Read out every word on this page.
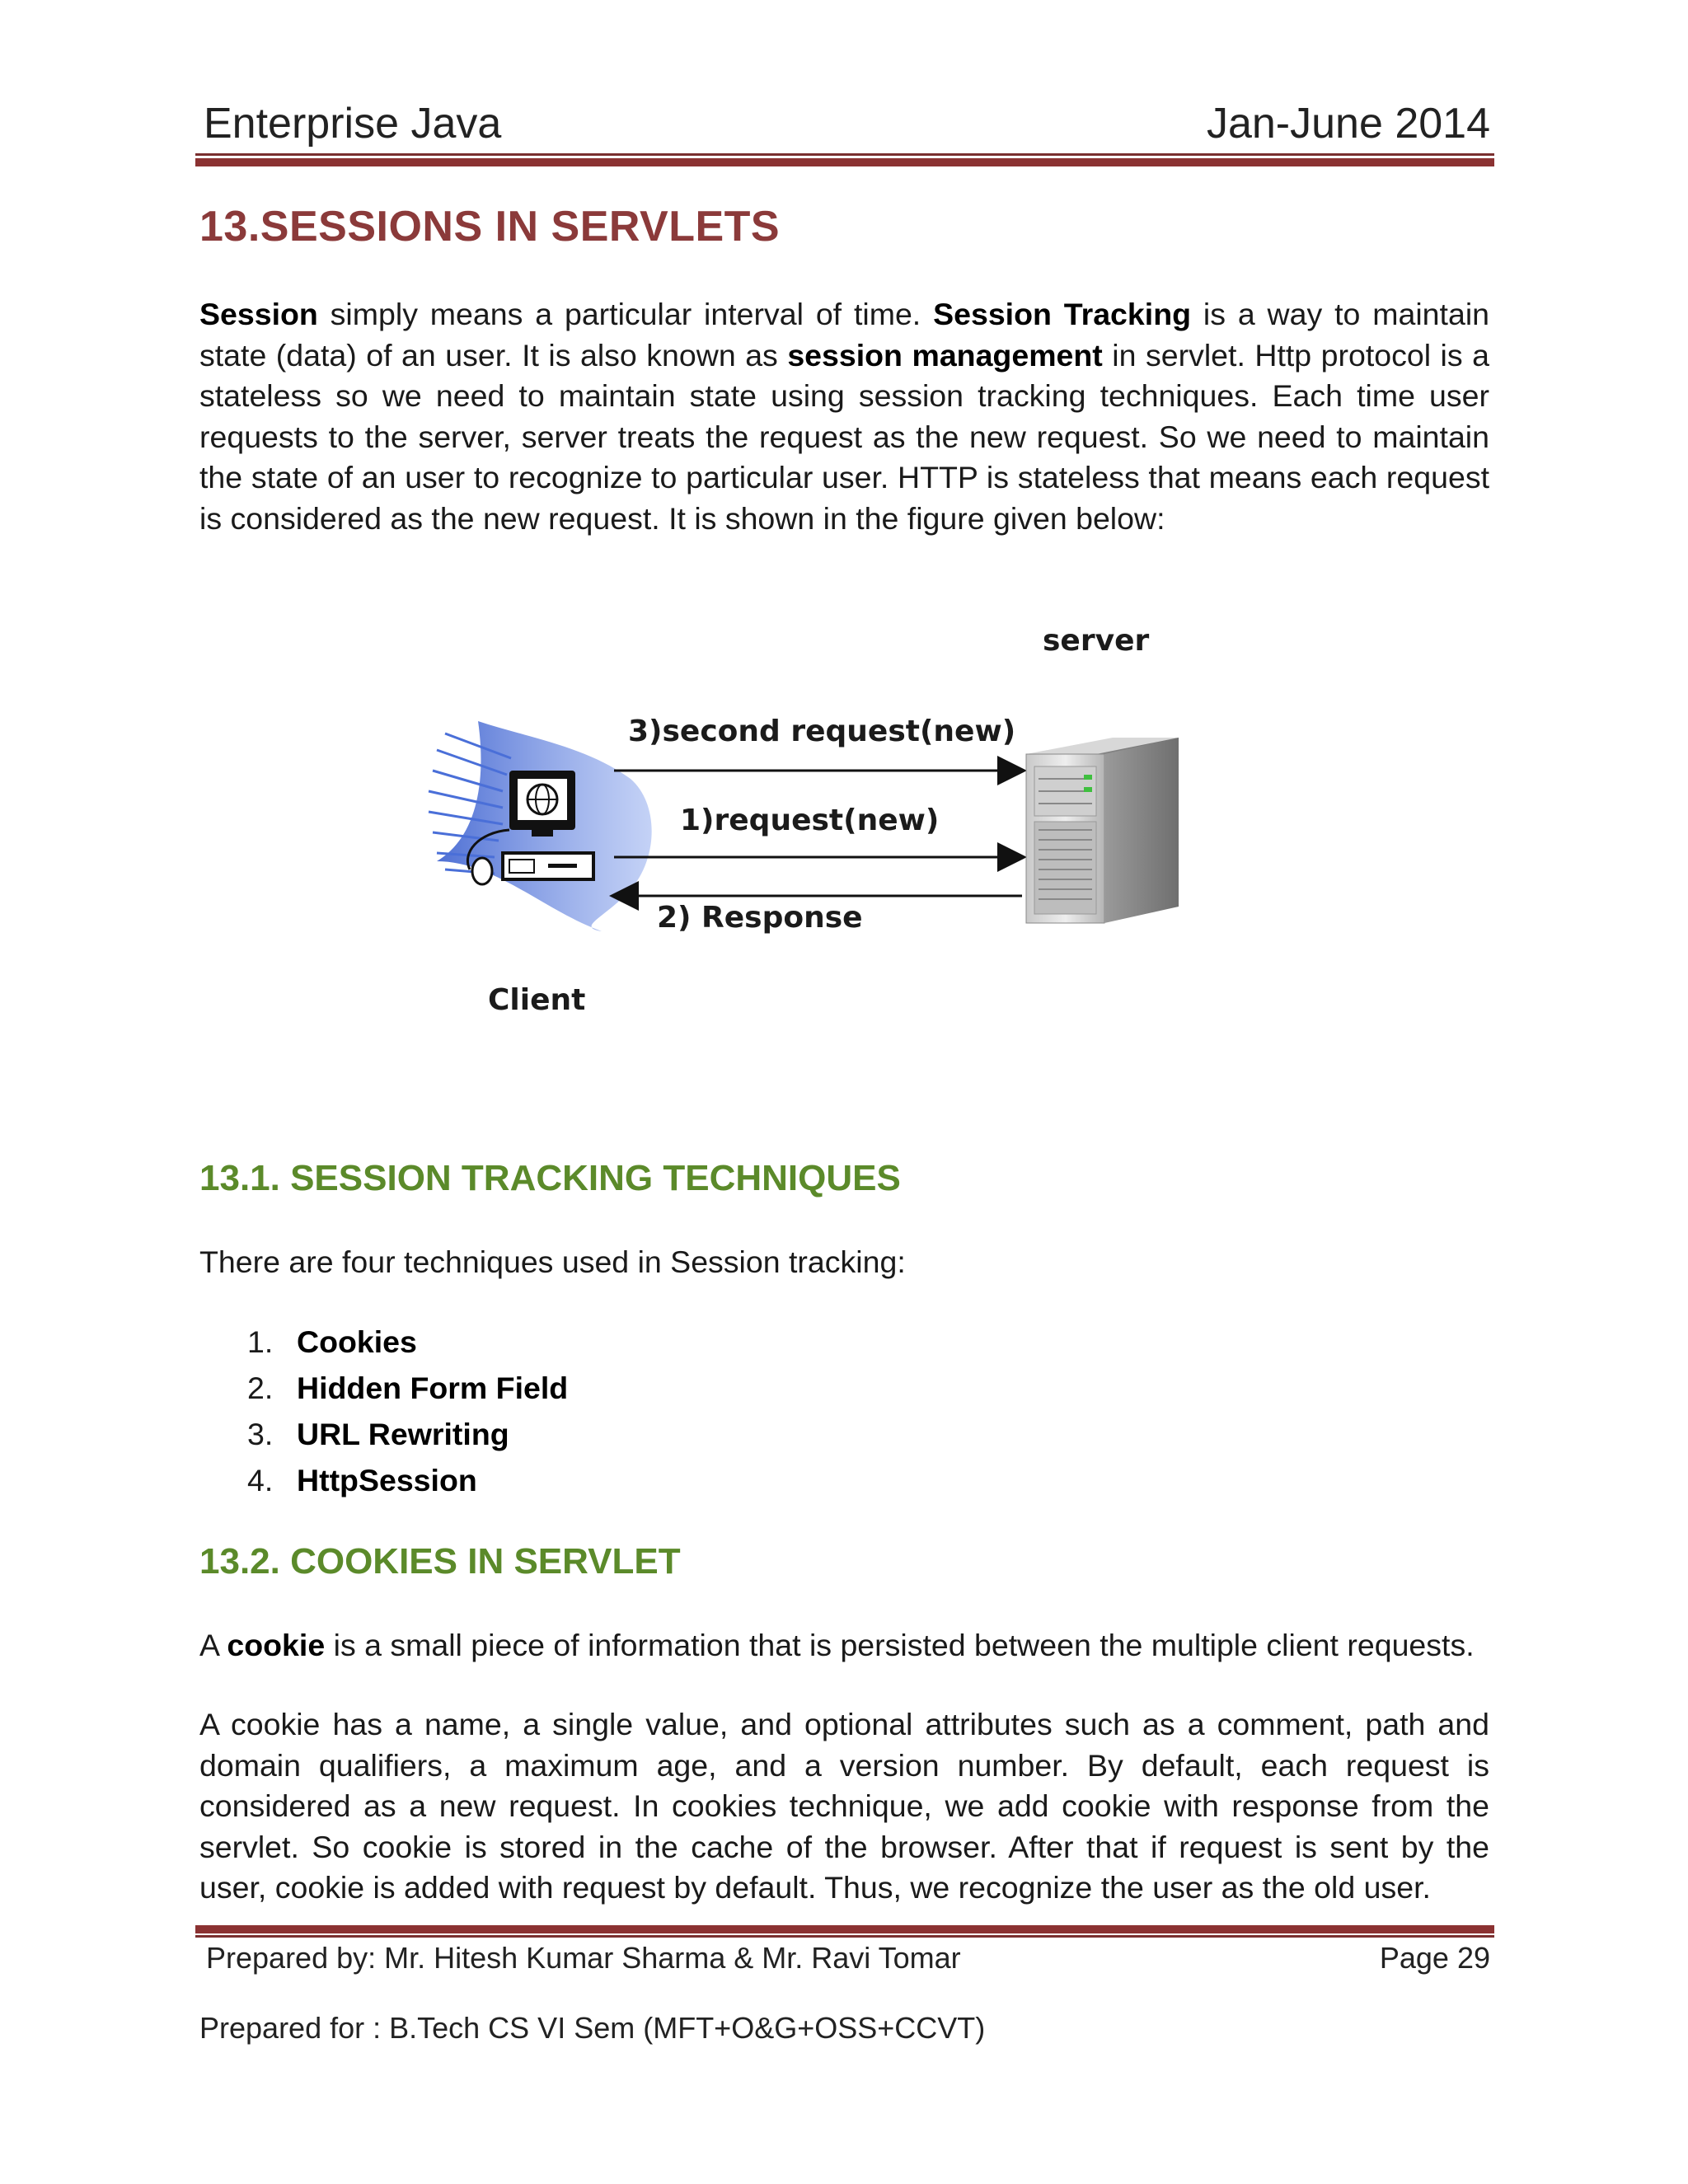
Enterprise Java	Jan-June 2014
13.SESSIONS IN SERVLETS
Session simply means a particular interval of time. Session Tracking is a way to maintain state (data) of an user. It is also known as session management in servlet. Http protocol is a stateless so we need to maintain state using session tracking techniques. Each time user requests to the server, server treats the request as the new request. So we need to maintain the state of an user to recognize to particular user. HTTP is stateless that means each request is considered as the new request. It is shown in the figure given below:
server
3)second request(new)
1)request(new)
2) Response
Client
13.1. SESSION TRACKING TECHNIQUES
There are four techniques used in Session tracking:
1. Cookies
2. Hidden Form Field
3. URL Rewriting
4. HttpSession
13.2. COOKIES IN SERVLET
A cookie is a small piece of information that is persisted between the multiple client requests.
A cookie has a name, a single value, and optional attributes such as a comment, path and domain qualifiers, a maximum age, and a version number. By default, each request is considered as a new request. In cookies technique, we add cookie with response from the servlet. So cookie is stored in the cache of the browser. After that if request is sent by the user, cookie is added with request by default. Thus, we recognize the user as the old user.
Prepared by: Mr. Hitesh Kumar Sharma & Mr. Ravi Tomar	Page 29
Prepared for : B.Tech CS VI Sem (MFT+O&G+OSS+CCVT)
